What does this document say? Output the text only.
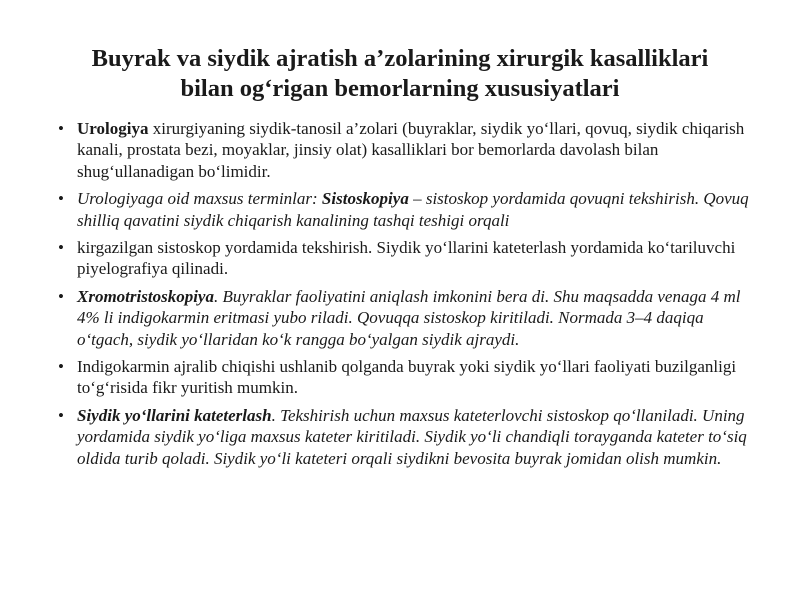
Buyrak va siydik ajratish a’zolarining xirurgik kasalliklari
bilan og‘rigan bemorlarning xususiyatlari
• Urologiya xirurgiyaning siydik-tanosil a’zolari (buyraklar, siydik yo‘llari, qovuq, siydik chiqarish kanali, prostata bezi, moyaklar, jinsiy olat) kasalliklari bor bemorlarda davolash bilan shug‘ullanadigan bo‘limidir.
• Urologiyaga oid maxsus terminlar: Sistoskopiya – sistoskop yordamida qovuqni tekshirish. Qovuq shilliq qavatini siydik chiqarish kanalining tashqi teshigi orqali
• kirgazilgan sistoskop yordamida tekshirish. Siydik yo‘llarini kateterlash yordamida ko‘tariluvchi piyelografiya qilinadi.
• Xromotristoskopiya. Buyraklar faoliyatini aniqlash imkonini bera di. Shu maqsadda venaga 4 ml 4% li indigokarmin eritmasi yubo riladi. Qovuqqa sistoskop kiritiladi. Normada 3–4 daqiqa o‘tgach, siydik yo‘llaridan ko‘k rangga bo‘yalgan siydik ajraydi.
• Indigokarmin ajralib chiqishi ushlanib qolganda buyrak yoki siydik yo‘llari faoliyati buzilganligi to‘g‘risida fikr yuritish mumkin.
• Siydik yo‘llarini kateterlash. Tekshirish uchun maxsus kateterlovchi sistoskop qo‘llaniladi. Uning yordamida siydik yo‘liga maxsus kateter kiritiladi. Siydik yo‘li chandiqli torayganda kateter to‘siq oldida turib qoladi. Siydik yo‘li kateteri orqali siydikni bevosita buyrak jomidan olish mumkin.
